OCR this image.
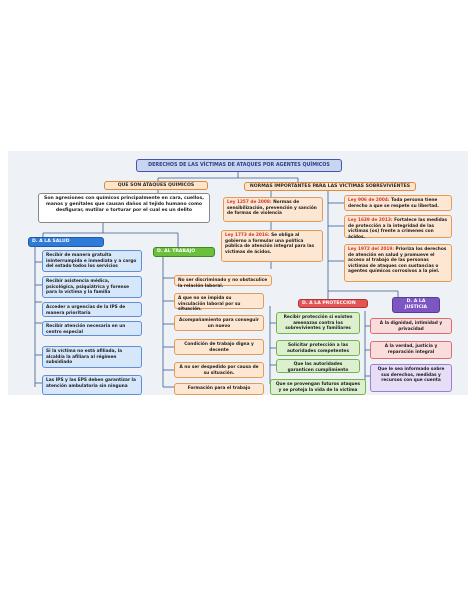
DERECHOS DE LAS VÍCTIMAS DE ATAQUES POR AGENTES QUÍMICOS
QUE SON ATAQUES QUIMICOS
Son agresiones con químicos principalmente en cara, cuellos, manos y genitales que causan daños al tejido humano como desfigurar, mutilar o torturar por el cual es un delito
NORMAS IMPORTANTES PARA LAS VICTIMAS SOBREVIVIENTES
Ley 1257 de 2008: Normas de sensibilización, prevención y sanción de formas de violencia
Ley 1773 de 2016: Se obliga al gobierno a formular una política pública de atención integral para las víctimas de ácidos.
Ley 906 de 2004: Toda persona tiene derecho a que se respete su libertad.
Ley 1639 de 2013: Fortalece las medidas de protección a la integridad de las victimas (os) frente a crimenes con ácidos.
Ley 1972 del 2019: Prioriza los derechos de atención en salud y promueve el acceso al trabajo de las personas víctimas de ataques con sustancias o agentes químicos corrosivos a la piel.
D. A LA SALUD
Recibir de manera gratuita ininterrumpida e inmediata y a cargo del estado todos los servicios
Recibir asistencia médica, psicológica, psiquiátrica y forense para la víctima y la familia
Acceder a urgencias de la IPS de manera prioritaria
Recibir atención necesaria en un centro especial
Si la víctima no está afiliada, la alcaldía la afiliara al régimen subsidiado
Las IPS y las EPS deben garantizar la atención ambulatoria sin ninguna
D. AL TRABAJO
No ser discriminado y no obstaculice la relación laboral.
A que no se impida su vinculación laboral por su situación.
Acompañamiento para conseguir un nuevo
Condición de trabajo digna y decente
A no ser despedido por causa de su situación.
Formación para el trabajo
D. A LA PROTECCION
Recibir protección si existen amenazas contra los sobrevivientes y familiares
Solicitar protección a las autoridades competentes
Que las autoridades garanticen cumplimiento
Que se provengan futuros ataques y se proteja la vida de la víctima
D. A LA JUSTICIA
A la dignidad, intimidad y privacidad
A la verdad, justicia y reparación integral
Que le sea informado sobre sus derechos, medidas y recursos con que cuenta
